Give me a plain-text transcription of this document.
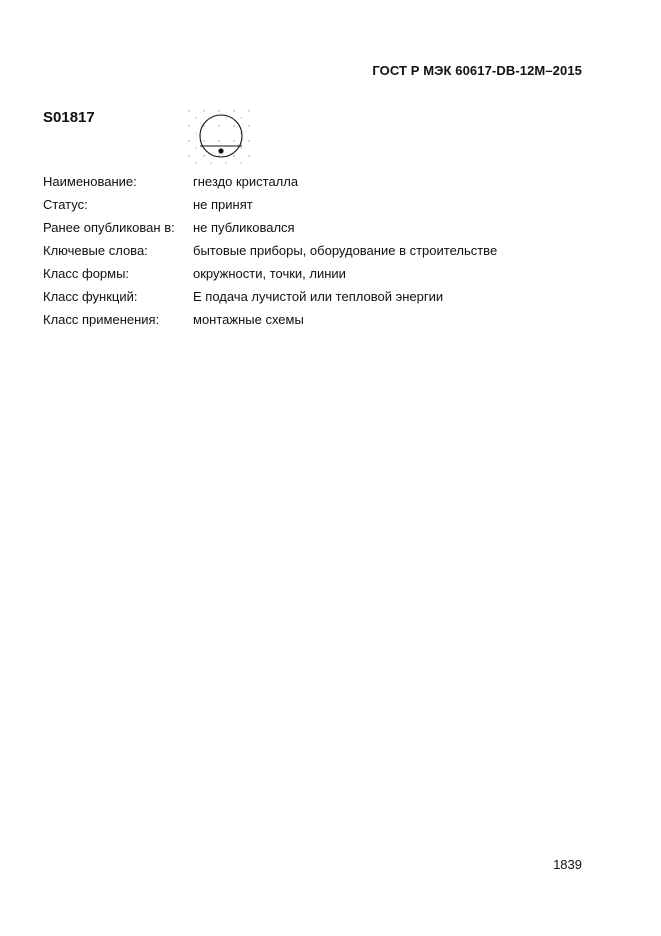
ГОСТ Р МЭК 60617-DB-12M–2015
S01817
Наименование:	гнездо кристалла
Статус:	не принят
Ранее опубликован в:	не публиковался
Ключевые слова:	бытовые приборы, оборудование в строительстве
Класс формы:	окружности, точки, линии
Класс функций:	Е подача лучистой или тепловой энергии
Класс применения:	монтажные схемы
1839
